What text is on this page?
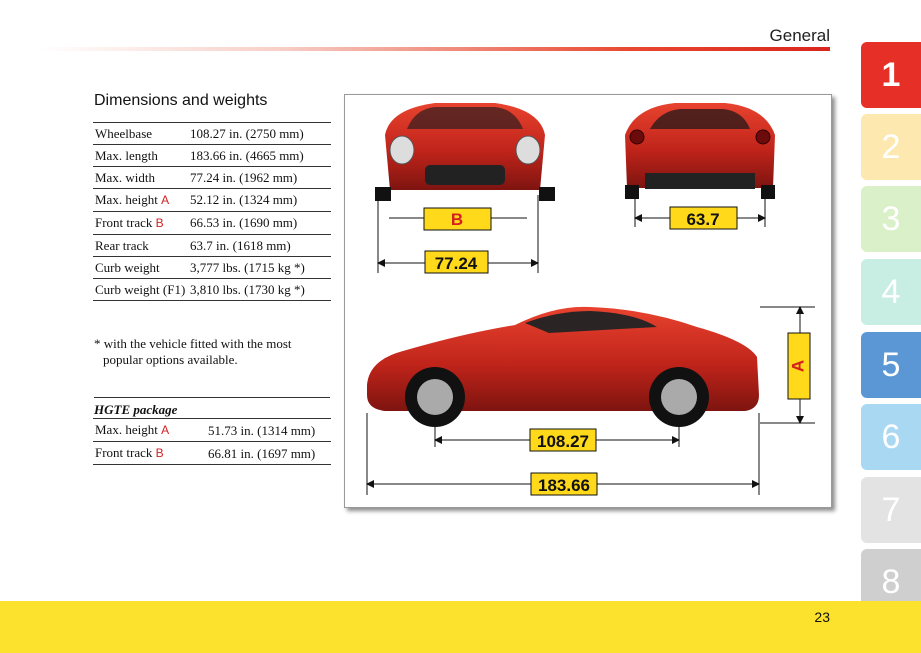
General
1
2
3
4
5
6
7
8
Dimensions and weights
Wheelbase	108.27 in. (2750 mm)
Max. length	183.66 in. (4665 mm)
Max. width	77.24 in. (1962 mm)
Max. height A	52.12 in. (1324 mm)
Front track B	66.53 in. (1690 mm)
Rear track	63.7 in. (1618 mm)
Curb weight	3,777 lbs. (1715 kg *)
Curb weight (F1)	3,810 lbs. (1730 kg *)
* with the vehicle fitted with the most
popular options available.
HGTE package
Max. height A	51.73 in. (1314 mm)
Front track B	66.81 in. (1697 mm)
B	63.7
77.24
A
108.27
183.66
23
